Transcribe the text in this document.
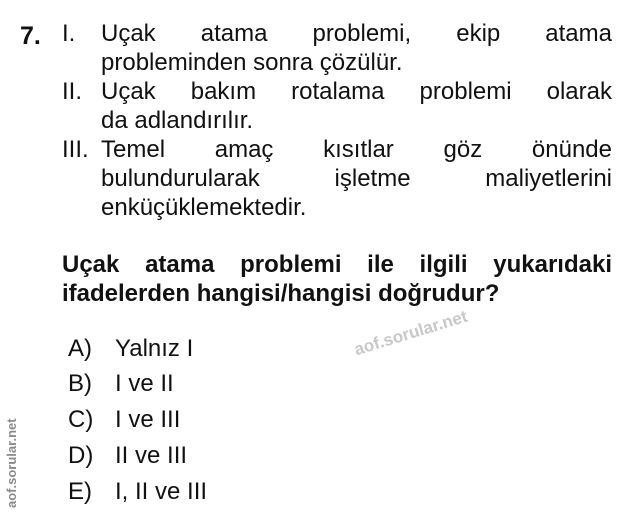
7. I. Uçak atama problemi, ekip atama
probleminden sonra çözülür.
II. Uçak bakım rotalama problemi olarak
da adlandırılır.
III. Temel amaç kısıtlar göz önünde
bulundurularak işletme maliyetlerini
enküçüklemektedir.
Uçak atama problemi ile ilgili yukarıdaki
ifadelerden hangisi/hangisi doğrudur?
A) Yalnız I
B) I ve II
C) I ve III
D) II ve III
E) I, II ve III
aof.sorular.net
aof.sorular.net
